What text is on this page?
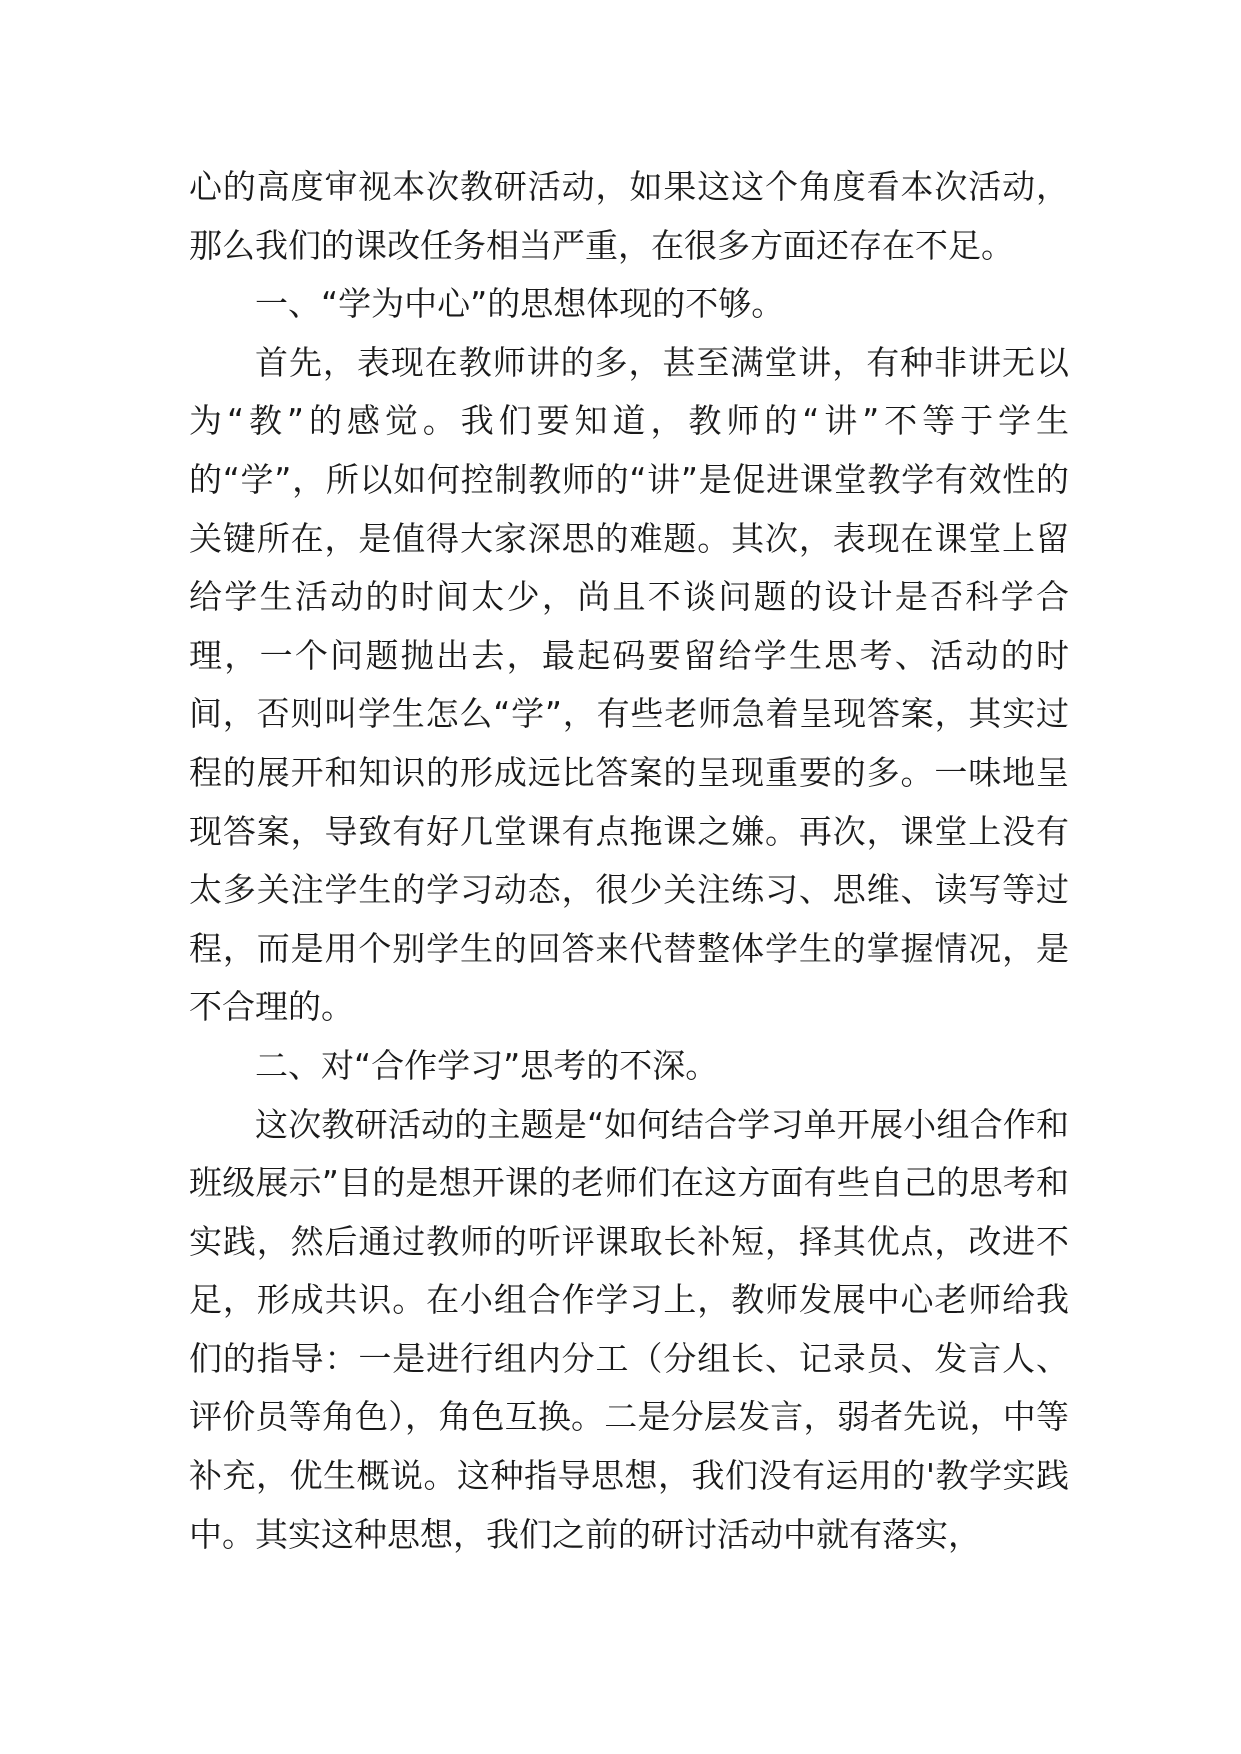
心的高度审视本次教研活动，如果这这个角度看本次活动，那么我们的课改任务相当严重，在很多方面还存在不足。

一、“学为中心”的思想体现的不够。

首先，表现在教师讲的多，甚至满堂讲，有种非讲无以为“教”的感觉。我们要知道，教师的“讲”不等于学生的“学”，所以如何控制教师的“讲”是促进课堂教学有效性的关键所在，是值得大家深思的难题。其次，表现在课堂上留给学生活动的时间太少，尚且不谈问题的设计是否科学合理，一个问题抛出去，最起码要留给学生思考、活动的时间，否则叫学生怎么“学”，有些老师急着呈现答案，其实过程的展开和知识的形成远比答案的呈现重要的多。一味地呈现答案，导致有好几堂课有点拖课之嫌。再次，课堂上没有太多关注学生的学习动态，很少关注练习、思维、读写等过程，而是用个别学生的回答来代替整体学生的掌握情况，是不合理的。

二、对“合作学习”思考的不深。

这次教研活动的主题是“如何结合学习单开展小组合作和班级展示”目的是想开课的老师们在这方面有些自己的思考和实践，然后通过教师的听评课取长补短，择其优点，改进不足，形成共识。在小组合作学习上，教师发展中心老师给我们的指导：一是进行组内分工（分组长、记录员、发言人、评价员等角色），角色互换。二是分层发言，弱者先说，中等补充，优生概说。这种指导思想，我们没有运用的'教学实践中。其实这种思想，我们之前的研讨活动中就有落实，
